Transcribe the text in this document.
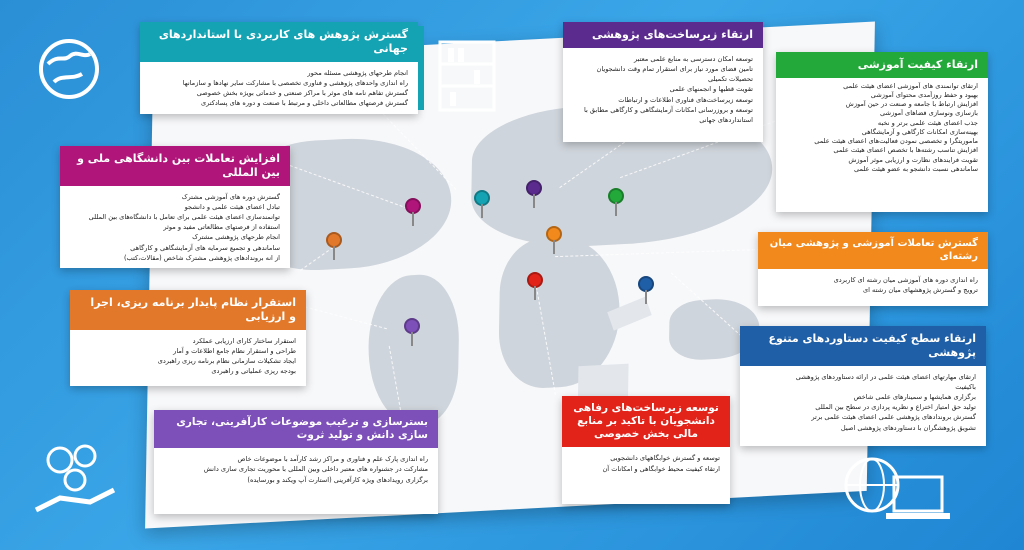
گسترش پژوهش های کاربردی با استانداردهای جهانی
انجام طرحهای پژوهشی مسئله محور
راه اندازی واحدهای پژوهشی و فناوری تخصصی با مشارکت سایر نهادها و سازمانها
گسترش تفاهم نامه های موثر با مراکز صنعتی و خدماتی بویژه بخش خصوصی
گسترش فرصتهای مطالعاتی داخلی و مرتبط با صنعت و دوره های پسادکتری
ارتقاء زیرساخت‌های پژوهشی
توسعه امکان دسترسی به منابع علمی معتبر
تامین فضای مورد نیاز برای استقرار تمام وقت دانشجویان
تحصیلات تکمیلی
تقویت قطبها و انجمنهای علمی
توسعه زیرساخت‌های فناوری اطلاعات و ارتباطات
توسعه و بروزرسانی امکانات آزمایشگاهی و کارگاهی مطابق با
استانداردهای جهانی
ارتقاء کیفیت آموزشی
ارتقای توانمندی های آموزشی اعضای هیئت علمی
بهبود و حفظ روزآمدی محتوای آموزشی
افزایش ارتباط با جامعه و صنعت در حین آموزش
بازسازی ونوسازی فضاهای آموزشی
جذب اعضای هیئت علمی برتر و نخبه
بهینه‌سازی امکانات کارگاهی و آزمایشگاهی
ماموریتگرا و تخصصی نمودن فعالیت‌های اعضای هیئت علمی
افزایش تناسب رشته‌ها با تخصص اعضای هیئت علمی
تقویت فرایندهای نظارت و ارزیابی موثر آموزش
ساماندهی نسبت دانشجو به عضو هیئت علمی
افزایش تعاملات بین دانشگاهی ملی و بین المللی
گسترش دوره های آموزشی مشترک
تبادل اعضای هیئت علمی و دانشجو
توانمندسازی اعضای هیئت علمی برای تعامل با دانشگاه‌های بین المللی
استفاده از فرصتهای مطالعاتی مفید و موثر
انجام طرحهای پژوهشی مشترک
ساماندهی و تجمیع سرمایه های آزمایشگاهی و کارگاهی
از انه بروندادهای پژوهشی مشترک شاخص (مقالات،کتب)
گسترش تعاملات آموزشی و پژوهشی میان رشته‌ای
راه اندازی دوره های آموزشی میان رشته ای کاربردی
ترویج و گسترش پژوهشهای میان رشته ای
استقرار نظام پایدار برنامه ریزی، اجرا و ارزیابی
استقرار ساختار کارای ارزیابی عملکرد
طراحی و استقرار نظام جامع اطلاعات و آمار
ایجاد تشکیلات سازمانی نظام برنامه ریزی راهبردی
بودجه ریزی عملیاتی و راهبردی
ارتقاء سطح کیفیت دستاوردهای متنوع پژوهشی
ارتقای مهارتهای اعضای هیئت علمی در ارائه دستاوردهای پژوهشی
باکیفیت
برگزاری همایشها و سمینارهای علمی شاخص
تولید حق امتیاز اختراع و نظریه پردازی در سطح بین المللی
گسترش بروندادهای پژوهشی علمی اعضای هیئت علمی برتر
تشویق پژوهشگران با دستاوردهای پژوهشی اصیل
بسترسازی و ترغیب موضوعات کارآفرینی، تجاری سازی دانش و تولید ثروت
راه اندازی پارک علم و فناوری و مراکز رشد کارآمد با موضوعات خاص
مشارکت در جشنواره های معتبر داخلی وبین المللی با محوریت تجاری سازی دانش
برگزاری رویدادهای ویژه کارآفرینی (استارت آپ ویکند و بورسایده)
توسعه زیرساخت‌های رفاهی دانشجویان با تاکید بر منابع مالی بخش خصوصی
توسعه و گسترش خوابگاههای دانشجویی
ارتقاء کیفیت محیط خوابگاهی و امکانات آن
